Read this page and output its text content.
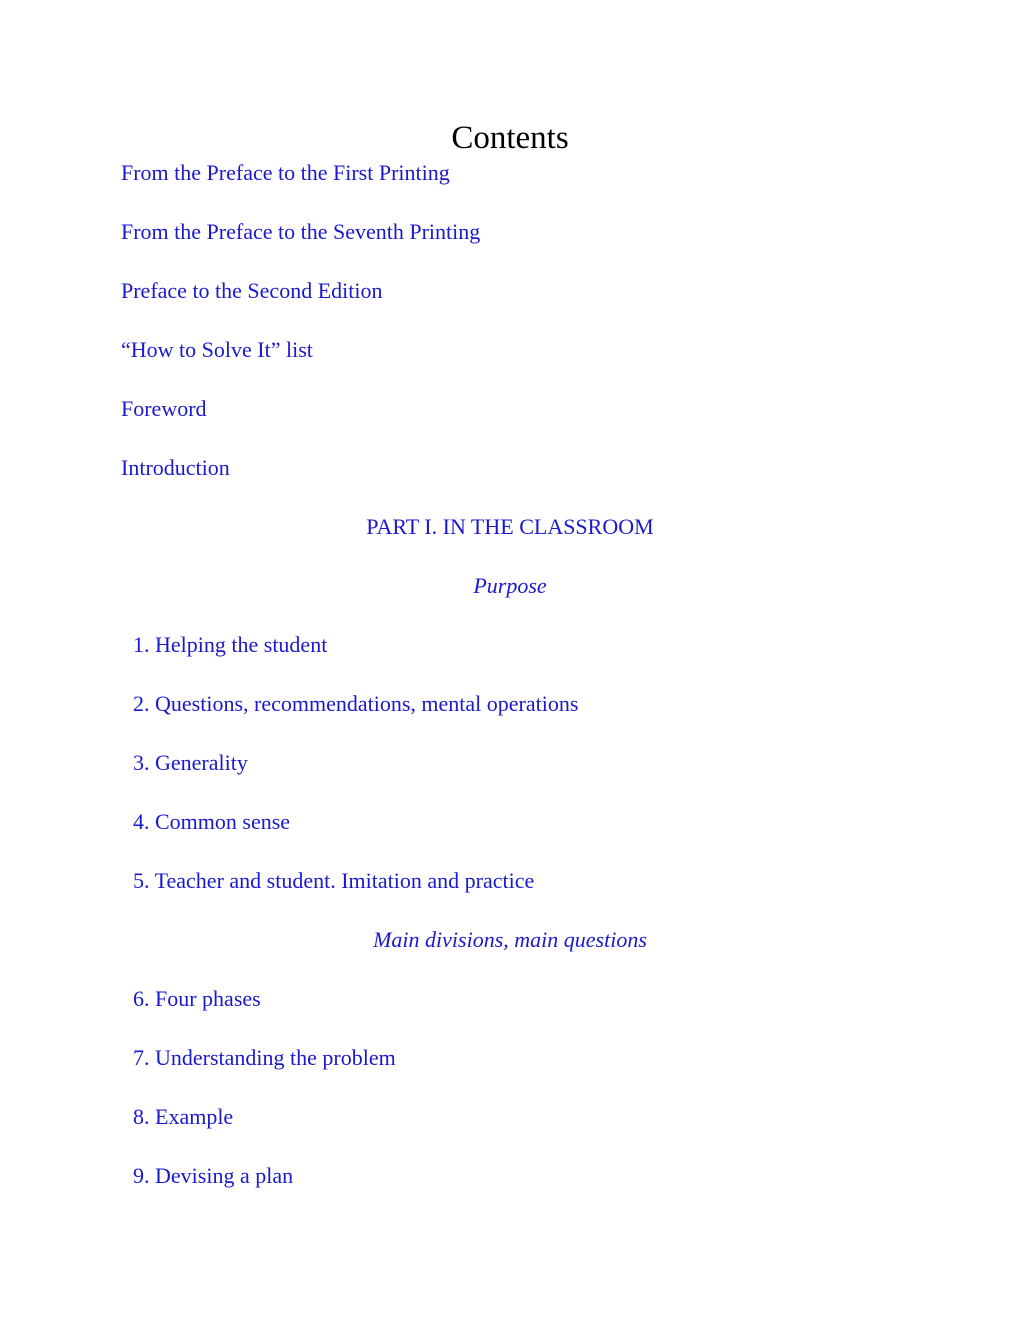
Contents
From the Preface to the First Printing
From the Preface to the Seventh Printing
Preface to the Second Edition
“How to Solve It” list
Foreword
Introduction
PART I. IN THE CLASSROOM
Purpose
1. Helping the student
2. Questions, recommendations, mental operations
3. Generality
4. Common sense
5. Teacher and student. Imitation and practice
Main divisions, main questions
6. Four phases
7. Understanding the problem
8. Example
9. Devising a plan
